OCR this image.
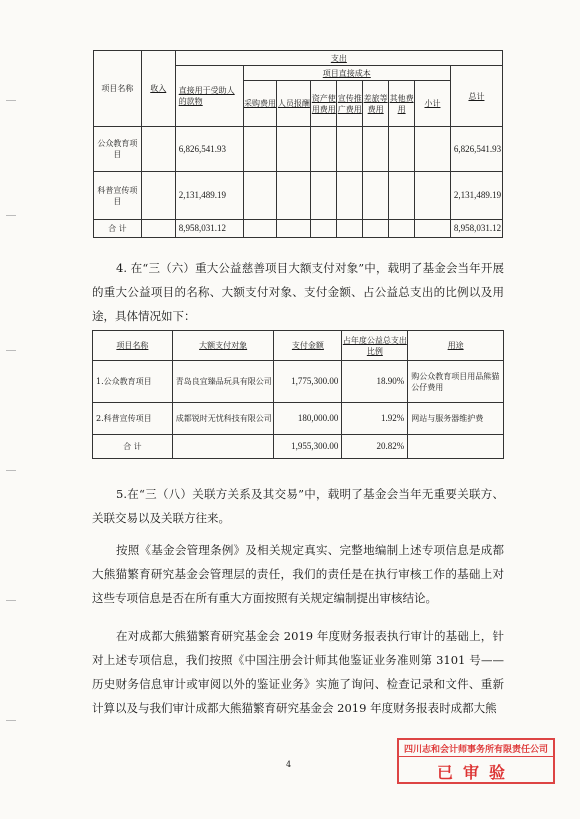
项目名称	收入	支出								
		直接用于受助人的款物	项目直接成本							总计
			采购费用	人员报酬	资产使用费用	宣传推广费用	差旅等费用	其他费用	小计	
公众教育项目		6,826,541.93								6,826,541.93
科普宣传项目		2,131,489.19								2,131,489.19
合 计		8,958,031.12								8,958,031.12

4. 在“三（六）重大公益慈善项目大额支付对象”中，载明了基金会当年开展的重大公益项目的名称、大额支付对象、支付金额、占公益总支出的比例以及用途，具体情况如下：

项目名称	大额支付对象	支付金额	占年度公益总支出比例	用途
1.公众教育项目	青岛良宜臻品玩具有限公司	1,775,300.00	18.90%	购公众教育项目用品熊猫公仔费用
2.科普宣传项目	成都锐时无忧科技有限公司	180,000.00	1.92%	网站与服务器维护费
合 计		1,955,300.00	20.82%	

5.在“三（八）关联方关系及其交易”中，载明了基金会当年无重要关联方、关联交易以及关联方往来。

按照《基金会管理条例》及相关规定真实、完整地编制上述专项信息是成都大熊猫繁育研究基金会管理层的责任，我们的责任是在执行审核工作的基础上对这些专项信息是否在所有重大方面按照有关规定编制提出审核结论。

在对成都大熊猫繁育研究基金会 2019 年度财务报表执行审计的基础上，针对上述专项信息，我们按照《中国注册会计师其他鉴证业务准则第 3101 号——历史财务信息审计或审阅以外的鉴证业务》实施了询问、检查记录和文件、重新计算以及与我们审计成都大熊猫繁育研究基金会 2019 年度财务报表时成都大熊

4
四川志和会计师事务所有限责任公司
已审验
